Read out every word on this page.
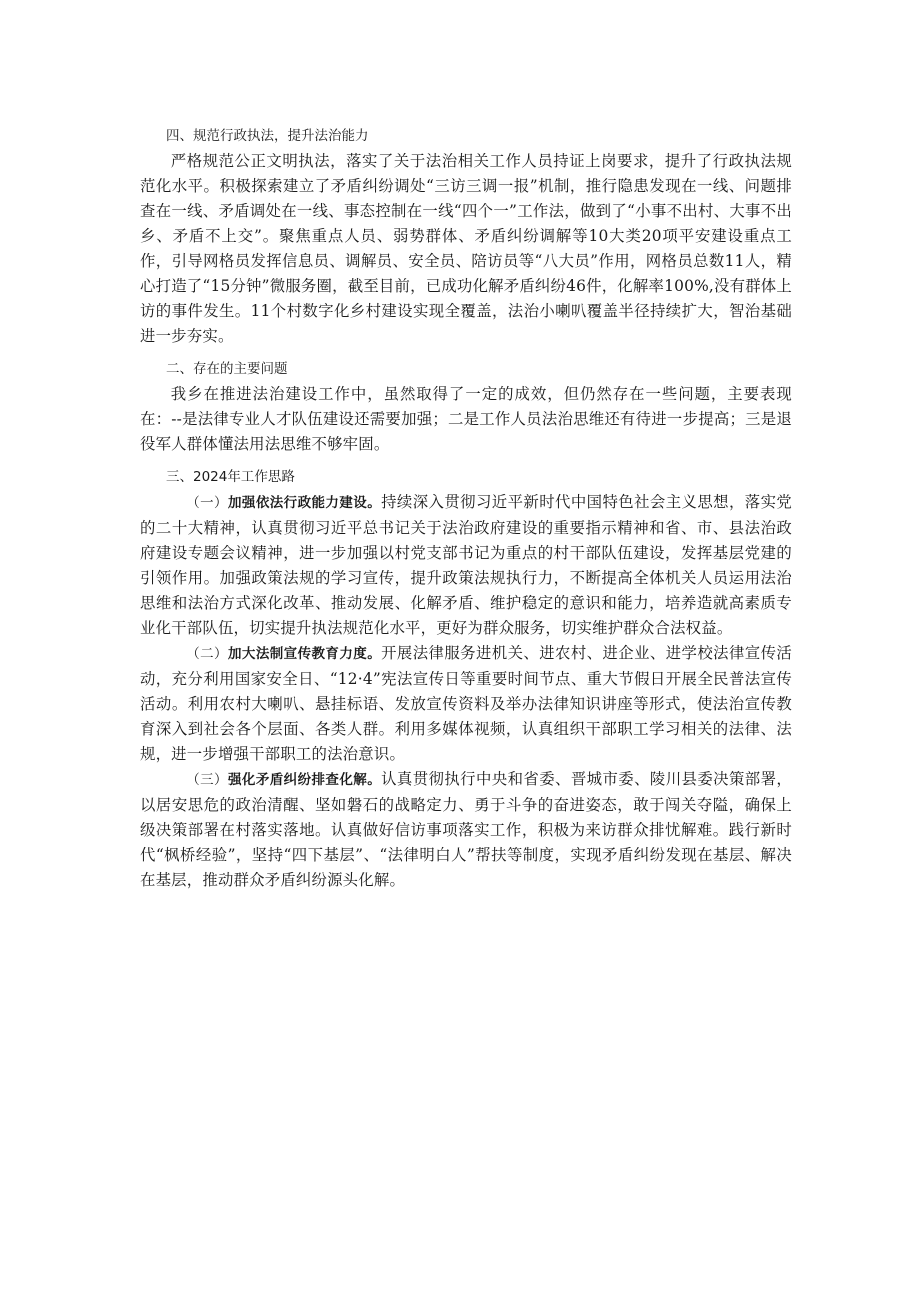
四、规范行政执法，提升法治能力

严格规范公正文明执法，落实了关于法治相关工作人员持证上岗要求，提升了行政执法规范化水平。积极探索建立了矛盾纠纷调处“三访三调一报”机制，推行隐患发现在一线、问题排查在一线、矛盾调处在一线、事态控制在一线“四个一”工作法，做到了“小事不出村、大事不出乡、矛盾不上交”。聚焦重点人员、弱势群体、矛盾纠纷调解等10大类20项平安建设重点工作，引导网格员发挥信息员、调解员、安全员、陪访员等“八大员”作用，网格员总数11人，精心打造了“15分钟”微服务圈，截至目前，已成功化解矛盾纠纷46件，化解率100%,没有群体上访的事件发生。11个村数字化乡村建设实现全覆盖，法治小喇叭覆盖半径持续扩大，智治基础进一步夯实。

二、存在的主要问题

我乡在推进法治建设工作中，虽然取得了一定的成效，但仍然存在一些问题，主要表现在：--是法律专业人才队伍建设还需要加强；二是工作人员法治思维还有待进一步提高；三是退役军人群体懂法用法思维不够牢固。

三、2024年工作思路

（一）加强依法行政能力建设。持续深入贯彻习近平新时代中国特色社会主义思想，落实党的二十大精神，认真贯彻习近平总书记关于法治政府建设的重要指示精神和省、市、县法治政府建设专题会议精神，进一步加强以村党支部书记为重点的村干部队伍建设，发挥基层党建的引领作用。加强政策法规的学习宣传，提升政策法规执行力，不断提高全体机关人员运用法治思维和法治方式深化改革、推动发展、化解矛盾、维护稳定的意识和能力，培养造就高素质专业化干部队伍，切实提升执法规范化水平，更好为群众服务，切实维护群众合法权益。

（二）加大法制宣传教育力度。开展法律服务进机关、进农村、进企业、进学校法律宣传活动，充分利用国家安全日、“12·4”宪法宣传日等重要时间节点、重大节假日开展全民普法宣传活动。利用农村大喇叭、悬挂标语、发放宣传资料及举办法律知识讲座等形式，使法治宣传教育深入到社会各个层面、各类人群。利用多媒体视频，认真组织干部职工学习相关的法律、法规，进一步增强干部职工的法治意识。

（三）强化矛盾纠纷排查化解。认真贯彻执行中央和省委、晋城市委、陵川县委决策部署，以居安思危的政治清醒、坚如磐石的战略定力、勇于斗争的奋进姿态，敢于闯关夺隘，确保上级决策部署在村落实落地。认真做好信访事项落实工作，积极为来访群众排忧解难。践行新时代“枫桥经验”，坚持“四下基层”、“法律明白人”帮扶等制度，实现矛盾纠纷发现在基层、解决在基层，推动群众矛盾纠纷源头化解。
